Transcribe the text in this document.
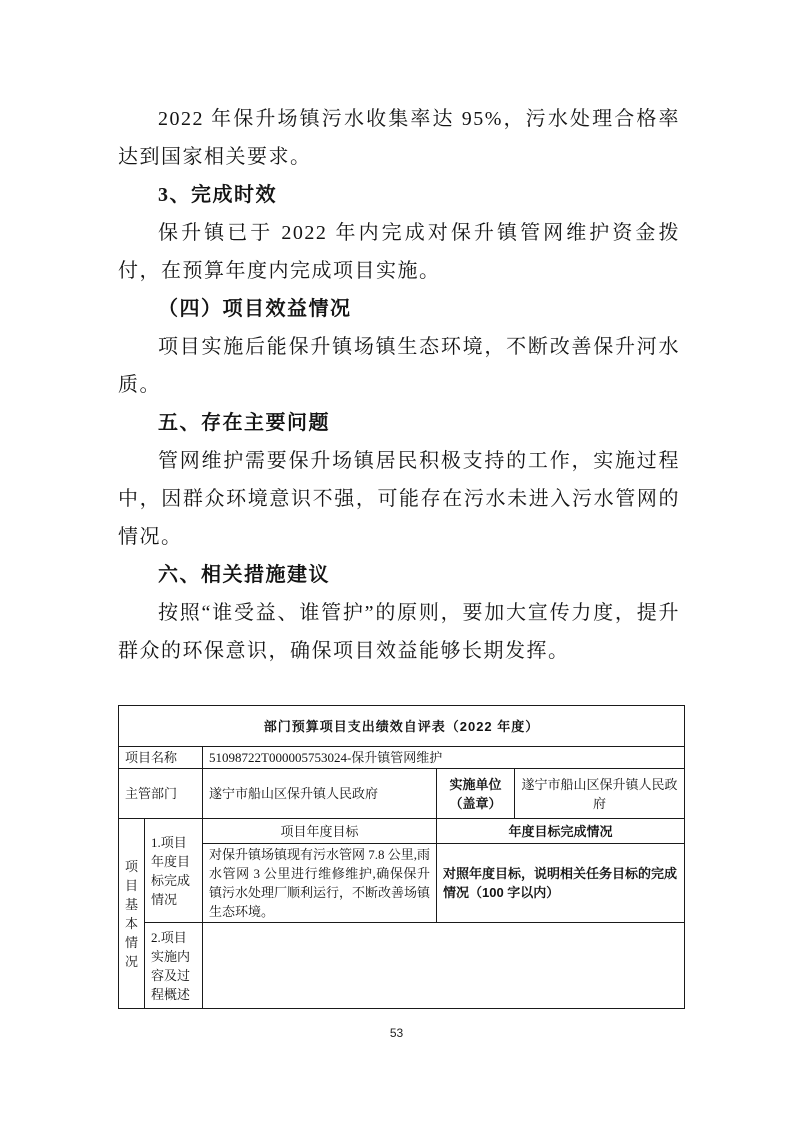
2022 年保升场镇污水收集率达 95%，污水处理合格率达到国家相关要求。

3、完成时效

保升镇已于 2022 年内完成对保升镇管网维护资金拨付，在预算年度内完成项目实施。

（四）项目效益情况

项目实施后能保升镇场镇生态环境，不断改善保升河水质。

五、存在主要问题

管网维护需要保升场镇居民积极支持的工作，实施过程中，因群众环境意识不强，可能存在污水未进入污水管网的情况。

六、相关措施建议

按照“谁受益、谁管护”的原则，要加大宣传力度，提升群众的环保意识，确保项目效益能够长期发挥。

部门预算项目支出绩效自评表（2022 年度）				
项目名称		51098722T000005753024-保升镇管网维护		
主管部门		遂宁市船山区保升镇人民政府	实施单位（盖章）	遂宁市船山区保升镇人民政府
项目基本情况	1.项目年度目标完成情况	项目年度目标	年度目标完成情况	
		对保升镇场镇现有污水管网 7.8 公里,雨水管网 3 公里进行维修维护,确保保升镇污水处理厂顺利运行，不断改善场镇生态环境。	对照年度目标，说明相关任务目标的完成情况（100 字以内）	
	2.项目实施内容及过程概述			
53
